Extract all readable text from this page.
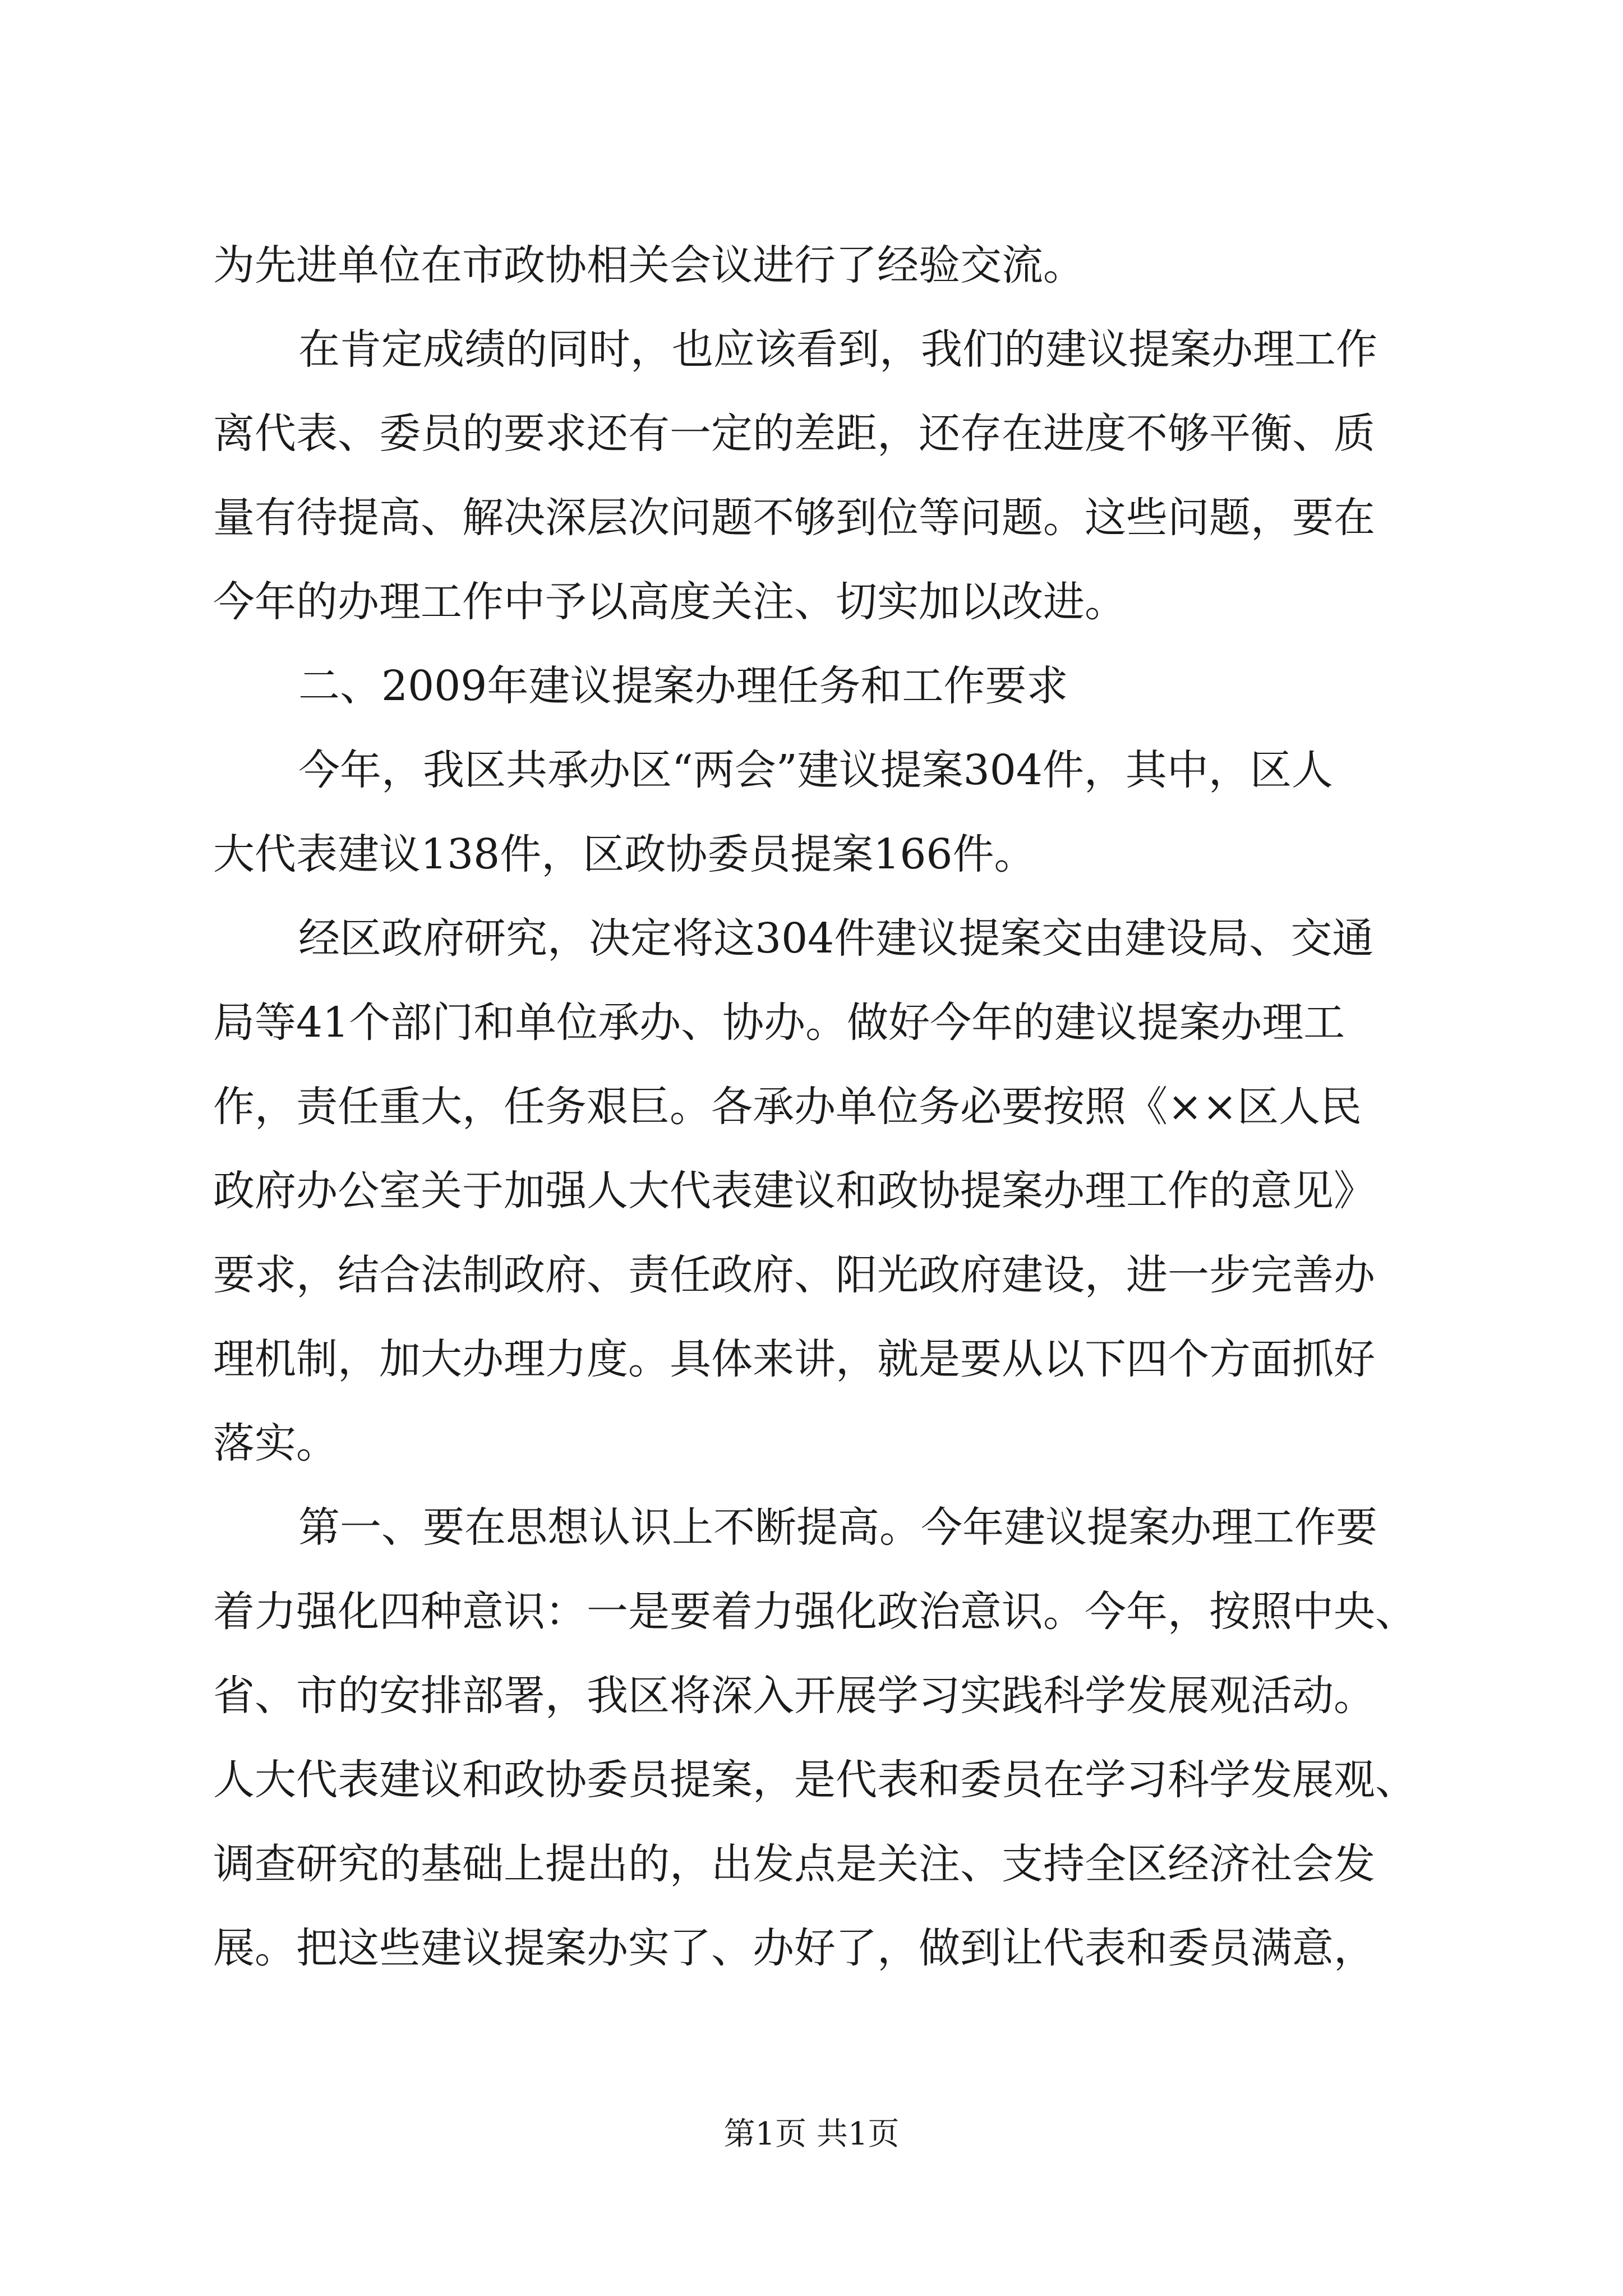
为先进单位在市政协相关会议进行了经验交流。
在肯定成绩的同时，也应该看到，我们的建议提案办理工作
离代表、委员的要求还有一定的差距，还存在进度不够平衡、质
量有待提高、解决深层次问题不够到位等问题。这些问题，要在
今年的办理工作中予以高度关注、切实加以改进。
二、2009年建议提案办理任务和工作要求
今年，我区共承办区“两会”建议提案304件，其中，区人
大代表建议138件，区政协委员提案166件。
经区政府研究，决定将这304件建议提案交由建设局、交通
局等41个部门和单位承办、协办。做好今年的建议提案办理工
作，责任重大，任务艰巨。各承办单位务必要按照《××区人民
政府办公室关于加强人大代表建议和政协提案办理工作的意见》
要求，结合法制政府、责任政府、阳光政府建设，进一步完善办
理机制，加大办理力度。具体来讲，就是要从以下四个方面抓好
落实。
第一、要在思想认识上不断提高。今年建议提案办理工作要
着力强化四种意识：一是要着力强化政治意识。今年，按照中央、
省、市的安排部署，我区将深入开展学习实践科学发展观活动。
人大代表建议和政协委员提案，是代表和委员在学习科学发展观、
调查研究的基础上提出的，出发点是关注、支持全区经济社会发
展。把这些建议提案办实了、办好了，做到让代表和委员满意，
第1页 共1页
